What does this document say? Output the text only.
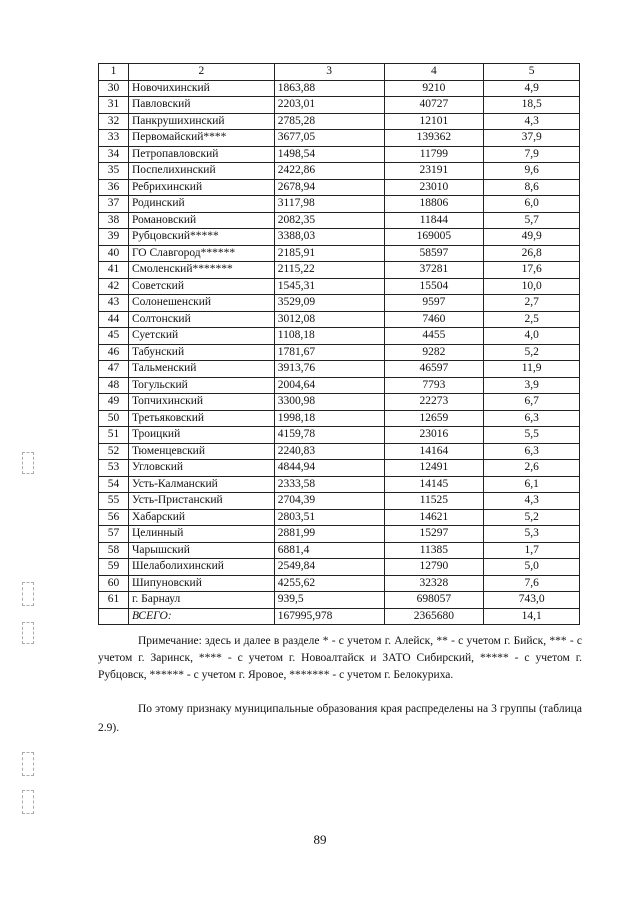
1	2	3	4	5
30	Новочихинский	1863,88	9210	4,9
31	Павловский	2203,01	40727	18,5
32	Панкрушихинский	2785,28	12101	4,3
33	Первомайский****	3677,05	139362	37,9
34	Петропавловский	1498,54	11799	7,9
35	Поспелихинский	2422,86	23191	9,6
36	Ребрихинский	2678,94	23010	8,6
37	Родинский	3117,98	18806	6,0
38	Романовский	2082,35	11844	5,7
39	Рубцовский*****	3388,03	169005	49,9
40	ГО Славгород******	2185,91	58597	26,8
41	Смоленский*******	2115,22	37281	17,6
42	Советский	1545,31	15504	10,0
43	Солонешенский	3529,09	9597	2,7
44	Солтонский	3012,08	7460	2,5
45	Суетский	1108,18	4455	4,0
46	Табунский	1781,67	9282	5,2
47	Тальменский	3913,76	46597	11,9
48	Тогульский	2004,64	7793	3,9
49	Топчихинский	3300,98	22273	6,7
50	Третьяковский	1998,18	12659	6,3
51	Троицкий	4159,78	23016	5,5
52	Тюменцевский	2240,83	14164	6,3
53	Угловский	4844,94	12491	2,6
54	Усть-Калманский	2333,58	14145	6,1
55	Усть-Пристанский	2704,39	11525	4,3
56	Хабарский	2803,51	14621	5,2
57	Целинный	2881,99	15297	5,3
58	Чарышский	6881,4	11385	1,7
59	Шелаболихинский	2549,84	12790	5,0
60	Шипуновский	4255,62	32328	7,6
61	г. Барнаул	939,5	698057	743,0
	ВСЕГО:	167995,978	2365680	14,1
Примечание: здесь и далее в разделе * - с учетом г. Алейск, ** - с учетом г. Бийск, *** - с учетом г. Заринск, **** - с учетом г. Новоалтайск и ЗАТО Сибирский, ***** - с учетом г. Рубцовск, ****** - с учетом г. Яровое, ******* - с учетом г. Белокуриха.
По этому признаку муниципальные образования края распределены на 3 группы (таблица 2.9).
89
